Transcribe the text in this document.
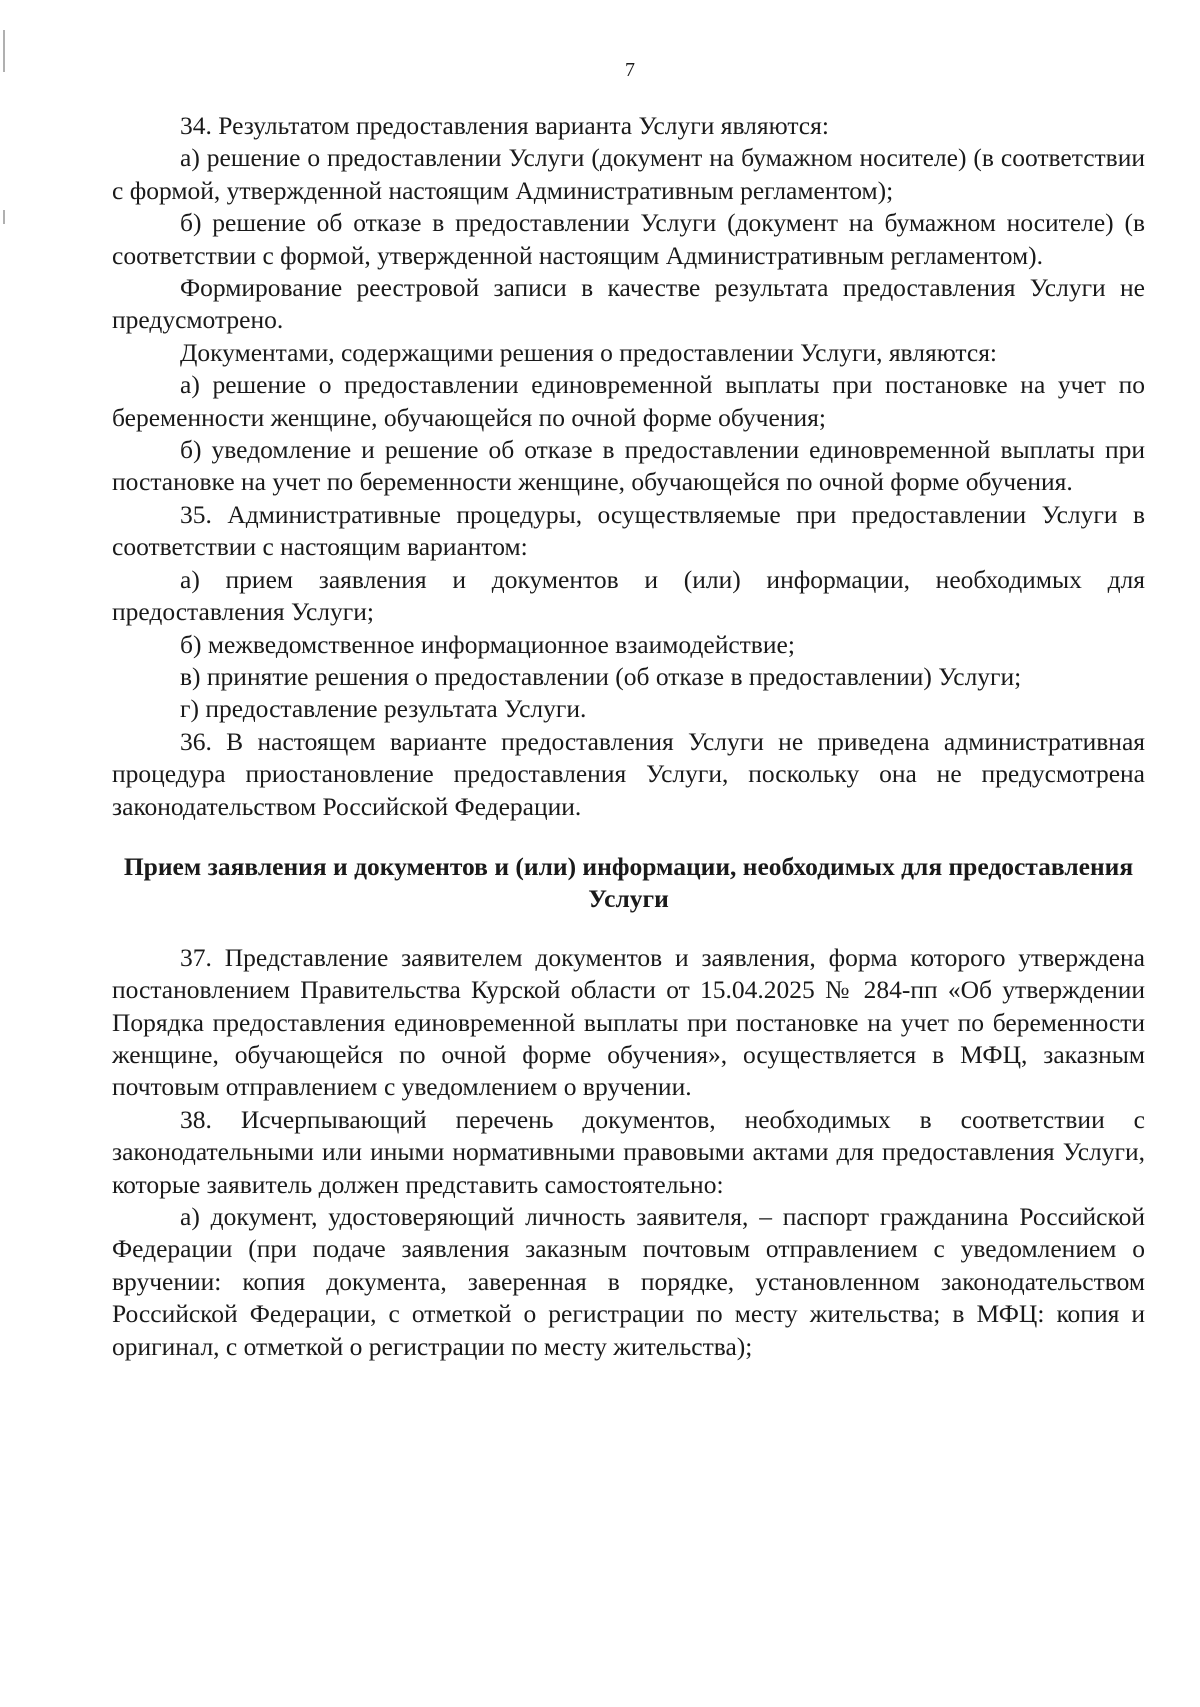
7

34. Результатом предоставления варианта Услуги являются:

а) решение о предоставлении Услуги (документ на бумажном носителе) (в соответствии с формой, утвержденной настоящим Административным регламентом);

б) решение об отказе в предоставлении Услуги (документ на бумажном носителе) (в соответствии с формой, утвержденной настоящим Административным регламентом).

Формирование реестровой записи в качестве результата предоставления Услуги не предусмотрено.

Документами, содержащими решения о предоставлении Услуги, являются:

а) решение о предоставлении единовременной выплаты при постановке на учет по беременности женщине, обучающейся по очной форме обучения;

б) уведомление и решение об отказе в предоставлении единовременной выплаты при постановке на учет по беременности женщине, обучающейся по очной форме обучения.

35. Административные процедуры, осуществляемые при предоставлении Услуги в соответствии с настоящим вариантом:

а) прием заявления и документов и (или) информации, необходимых для предоставления Услуги;

б) межведомственное информационное взаимодействие;

в) принятие решения о предоставлении (об отказе в предоставлении) Услуги;

г) предоставление результата Услуги.

36. В настоящем варианте предоставления Услуги не приведена административная процедура приостановление предоставления Услуги, поскольку она не предусмотрена законодательством Российской Федерации.

Прием заявления и документов и (или) информации, необходимых для предоставления Услуги

37. Представление заявителем документов и заявления, форма которого утверждена постановлением Правительства Курской области от 15.04.2025 № 284-пп «Об утверждении Порядка предоставления единовременной выплаты при постановке на учет по беременности женщине, обучающейся по очной форме обучения», осуществляется в МФЦ, заказным почтовым отправлением с уведомлением о вручении.

38. Исчерпывающий перечень документов, необходимых в соответствии с законодательными или иными нормативными правовыми актами для предоставления Услуги, которые заявитель должен представить самостоятельно:

а) документ, удостоверяющий личность заявителя, – паспорт гражданина Российской Федерации (при подаче заявления заказным почтовым отправлением с уведомлением о вручении: копия документа, заверенная в порядке, установленном законодательством Российской Федерации, с отметкой о регистрации по месту жительства; в МФЦ: копия и оригинал, с отметкой о регистрации по месту жительства);
